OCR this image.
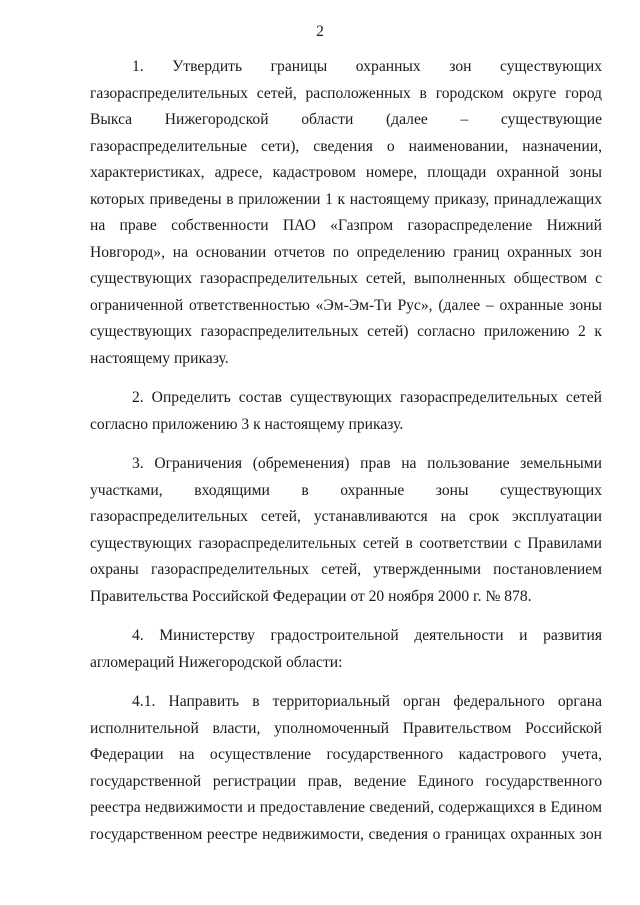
2
1. Утвердить границы охранных зон существующих
газораспределительных сетей, расположенных в городском округе город
Выкса Нижегородской области (далее – существующие
газораспределительные сети), сведения о наименовании, назначении,
характеристиках, адресе, кадастровом номере, площади охранной зоны
которых приведены в приложении 1 к настоящему приказу, принадлежащих
на праве собственности ПАО «Газпром газораспределение Нижний
Новгород», на основании отчетов по определению границ охранных зон
существующих газораспределительных сетей, выполненных обществом с
ограниченной ответственностью «Эм-Эм-Ти Рус», (далее – охранные зоны
существующих газораспределительных сетей) согласно приложению 2 к
настоящему приказу.
2. Определить состав существующих газораспределительных сетей
согласно приложению 3 к настоящему приказу.
3. Ограничения (обременения) прав на пользование земельными
участками, входящими в охранные зоны существующих
газораспределительных сетей, устанавливаются на срок эксплуатации
существующих газораспределительных сетей в соответствии с Правилами
охраны газораспределительных сетей, утвержденными постановлением
Правительства Российской Федерации от 20 ноября 2000 г. № 878.
4. Министерству градостроительной деятельности и развития
агломераций Нижегородской области:
4.1. Направить в территориальный орган федерального органа
исполнительной власти, уполномоченный Правительством Российской
Федерации на осуществление государственного кадастрового учета,
государственной регистрации прав, ведение Единого государственного
реестра недвижимости и предоставление сведений, содержащихся в Едином
государственном реестре недвижимости, сведения о границах охранных зон
